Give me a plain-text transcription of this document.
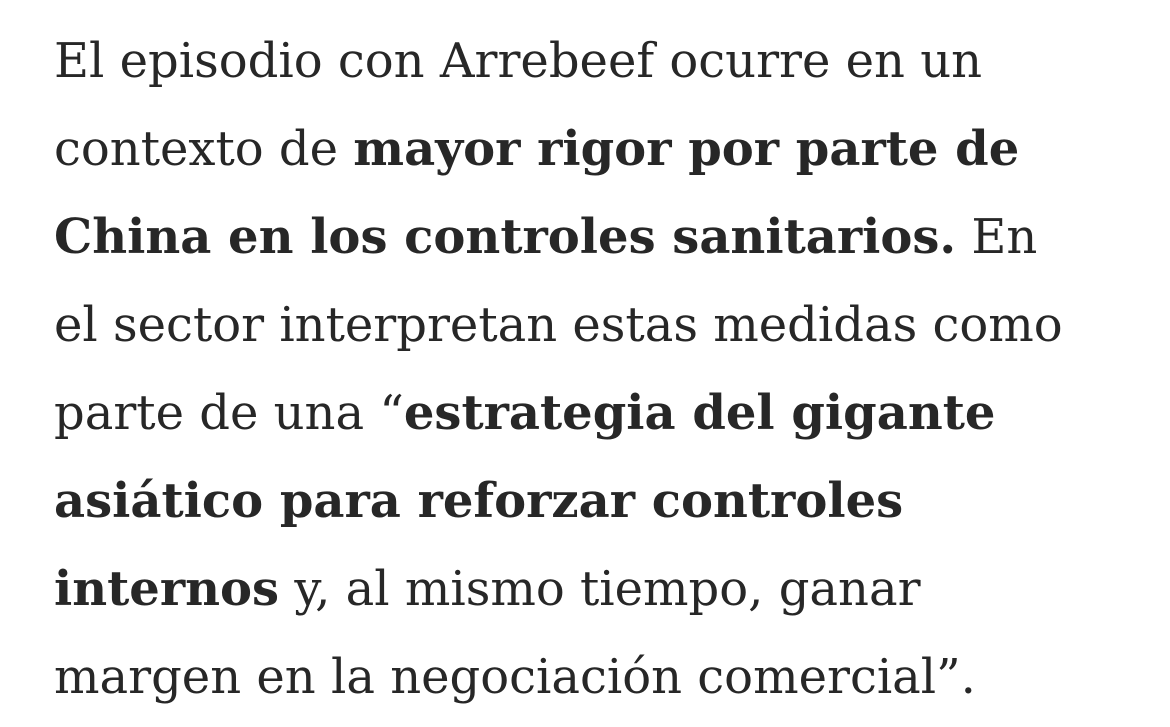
El episodio con Arrebeef ocurre en un
contexto de mayor rigor por parte de
China en los controles sanitarios. En
el sector interpretan estas medidas como
parte de una “estrategia del gigante
asiático para reforzar controles
internos y, al mismo tiempo, ganar
margen en la negociación comercial”.
